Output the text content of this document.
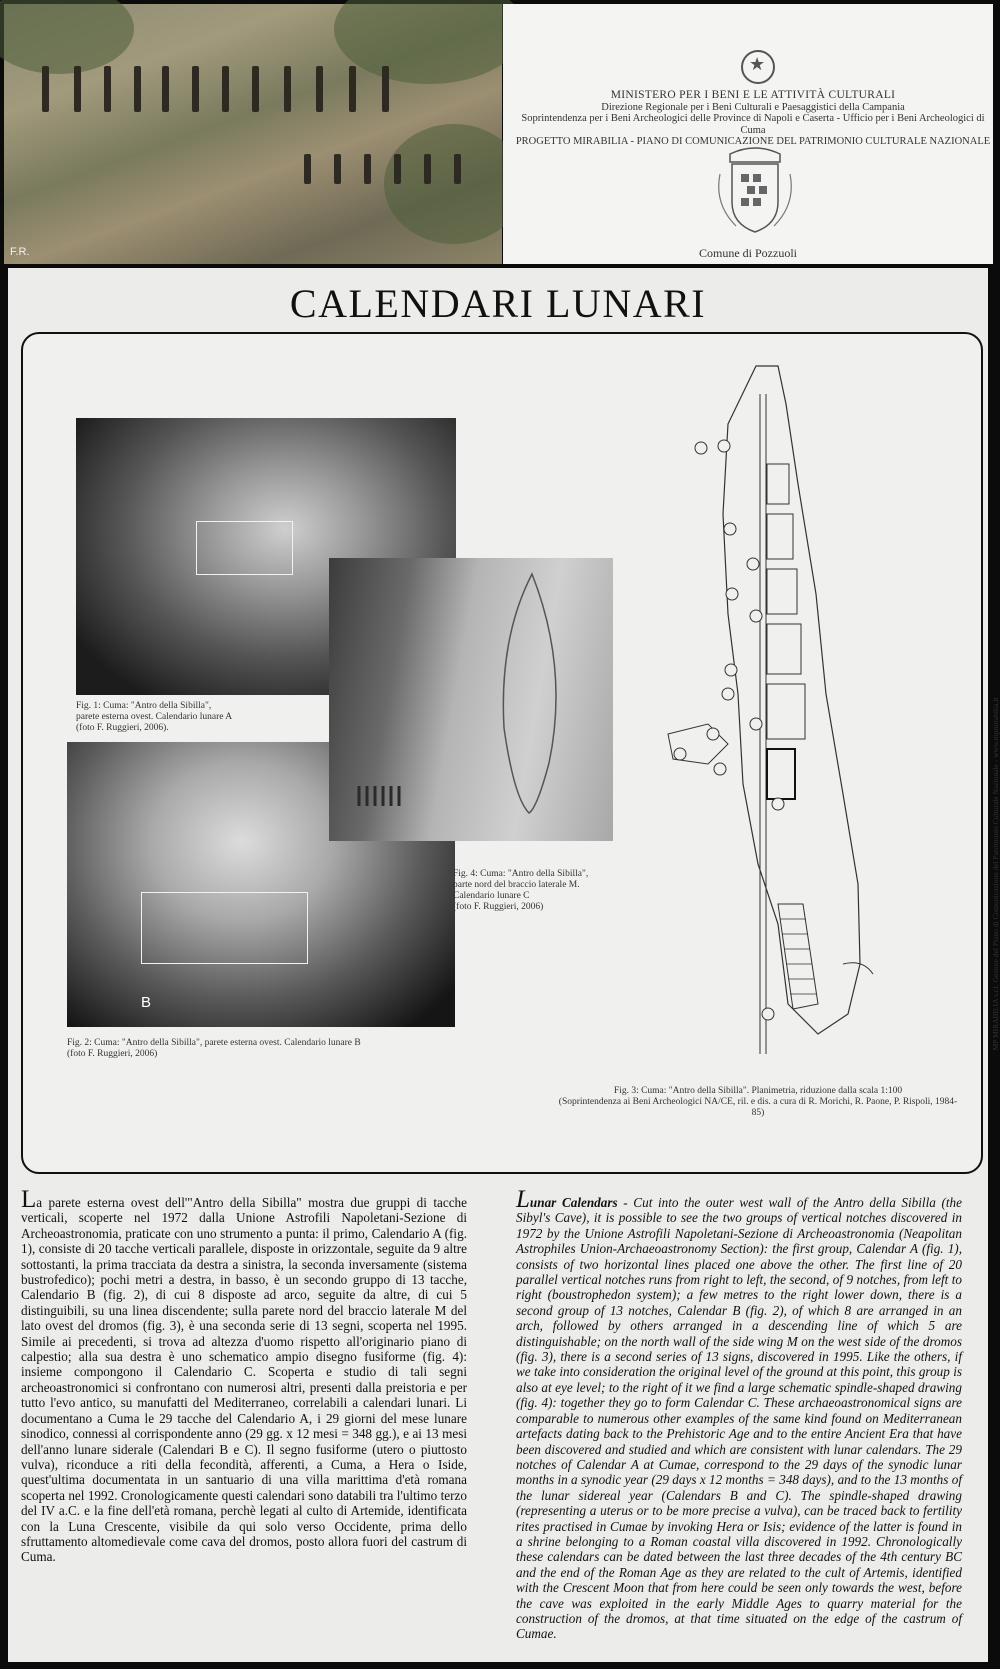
F.R.
★
MINISTERO PER I BENI E LE ATTIVITÀ CULTURALI
Direzione Regionale per i Beni Culturali e Paesaggistici della Campania
Soprintendenza per i Beni Archeologici delle Province di Napoli e Caserta - Ufficio per i Beni Archeologici di Cuma
PROGETTO MIRABILIA - PIANO DI COMUNICAZIONE DEL PATRIMONIO CULTURALE NAZIONALE
Comune di Pozzuoli
CALENDARI LUNARI
Fig. 1: Cuma: "Antro della Sibilla",
parete esterna ovest. Calendario lunare A
(foto F. Ruggieri, 2006).
B
Fig. 2: Cuma: "Antro della Sibilla", parete esterna ovest. Calendario lunare B
(foto F. Ruggieri, 2006)
Fig. 4: Cuma: "Antro della Sibilla",
parte nord del braccio laterale M.
Calendario lunare C
(foto F. Ruggieri, 2006)
Fig. 3: Cuma: "Antro della Sibilla". Planimetria, riduzione dalla scala 1:100
(Soprintendenza ai Beni Archeologici NA/CE, ril. e dis. a cura di R. Morichi, R. Paone, P. Rispoli, 1984-85)
MP MIRABILIA s.r.l. Gestore del Piano di Comunicazione del Patrimonio Culturale Nazionale - www.mpmirabilia.it
La parete esterna ovest dell'"Antro della Sibilla" mostra due gruppi di tacche verticali, scoperte nel 1972 dalla Unione Astrofili Napoletani-Sezione di Archeoastronomia, praticate con uno strumento a punta: il primo, Calendario A (fig. 1), consiste di 20 tacche verticali parallele, disposte in orizzontale, seguite da 9 altre sottostanti, la prima tracciata da destra a sinistra, la seconda inversamente (sistema bustrofedico); pochi metri a destra, in basso, è un secondo gruppo di 13 tacche, Calendario B (fig. 2), di cui 8 disposte ad arco, seguite da altre, di cui 5 distinguibili, su una linea discendente; sulla parete nord del braccio laterale M del lato ovest del dromos (fig. 3), è una seconda serie di 13 segni, scoperta nel 1995. Simile ai precedenti, si trova ad altezza d'uomo rispetto all'originario piano di calpestio; alla sua destra è uno schematico ampio disegno fusiforme (fig. 4): insieme compongono il Calendario C. Scoperta e studio di tali segni archeoastronomici si confrontano con numerosi altri, presenti dalla preistoria e per tutto l'evo antico, su manufatti del Mediterraneo, correlabili a calendari lunari. Li documentano a Cuma le 29 tacche del Calendario A, i 29 giorni del mese lunare sinodico, connessi al corrispondente anno (29 gg. x 12 mesi = 348 gg.), e ai 13 mesi dell'anno lunare siderale (Calendari B e C). Il segno fusiforme (utero o piuttosto vulva), riconduce a riti della fecondità, afferenti, a Cuma, a Hera o Iside, quest'ultima documentata in un santuario di una villa marittima d'età romana scoperta nel 1992. Cronologicamente questi calendari sono databili tra l'ultimo terzo del IV a.C. e la fine dell'età romana, perchè legati al culto di Artemide, identificata con la Luna Crescente, visibile da qui solo verso Occidente, prima dello sfruttamento altomedievale come cava del dromos, posto allora fuori del castrum di Cuma.
Lunar Calendars - Cut into the outer west wall of the Antro della Sibilla (the Sibyl's Cave), it is possible to see the two groups of vertical notches discovered in 1972 by the Unione Astrofili Napoletani-Sezione di Archeoastronomia (Neapolitan Astrophiles Union-Archaeoastronomy Section): the first group, Calendar A (fig. 1), consists of two horizontal lines placed one above the other. The first line of 20 parallel vertical notches runs from right to left, the second, of 9 notches, from left to right (boustrophedon system); a few metres to the right lower down, there is a second group of 13 notches, Calendar B (fig. 2), of which 8 are arranged in an arch, followed by others arranged in a descending line of which 5 are distinguishable; on the north wall of the side wing M on the west side of the dromos (fig. 3), there is a second series of 13 signs, discovered in 1995. Like the others, if we take into consideration the original level of the ground at this point, this group is also at eye level; to the right of it we find a large schematic spindle-shaped drawing (fig. 4): together they go to form Calendar C. These archaeoastronomical signs are comparable to numerous other examples of the same kind found on Mediterranean artefacts dating back to the Prehistoric Age and to the entire Ancient Era that have been discovered and studied and which are consistent with lunar calendars. The 29 notches of Calendar A at Cumae, correspond to the 29 days of the synodic lunar months in a synodic year (29 days x 12 months = 348 days), and to the 13 months of the lunar sidereal year (Calendars B and C). The spindle-shaped drawing (representing a uterus or to be more precise a vulva), can be traced back to fertility rites practised in Cumae by invoking Hera or Isis; evidence of the latter is found in a shrine belonging to a Roman coastal villa discovered in 1992. Chronologically these calendars can be dated between the last three decades of the 4th century BC and the end of the Roman Age as they are related to the cult of Artemis, identified with the Crescent Moon that from here could be seen only towards the west, before the cave was exploited in the early Middle Ages to quarry material for the construction of the dromos, at that time situated on the edge of the castrum of Cumae.
